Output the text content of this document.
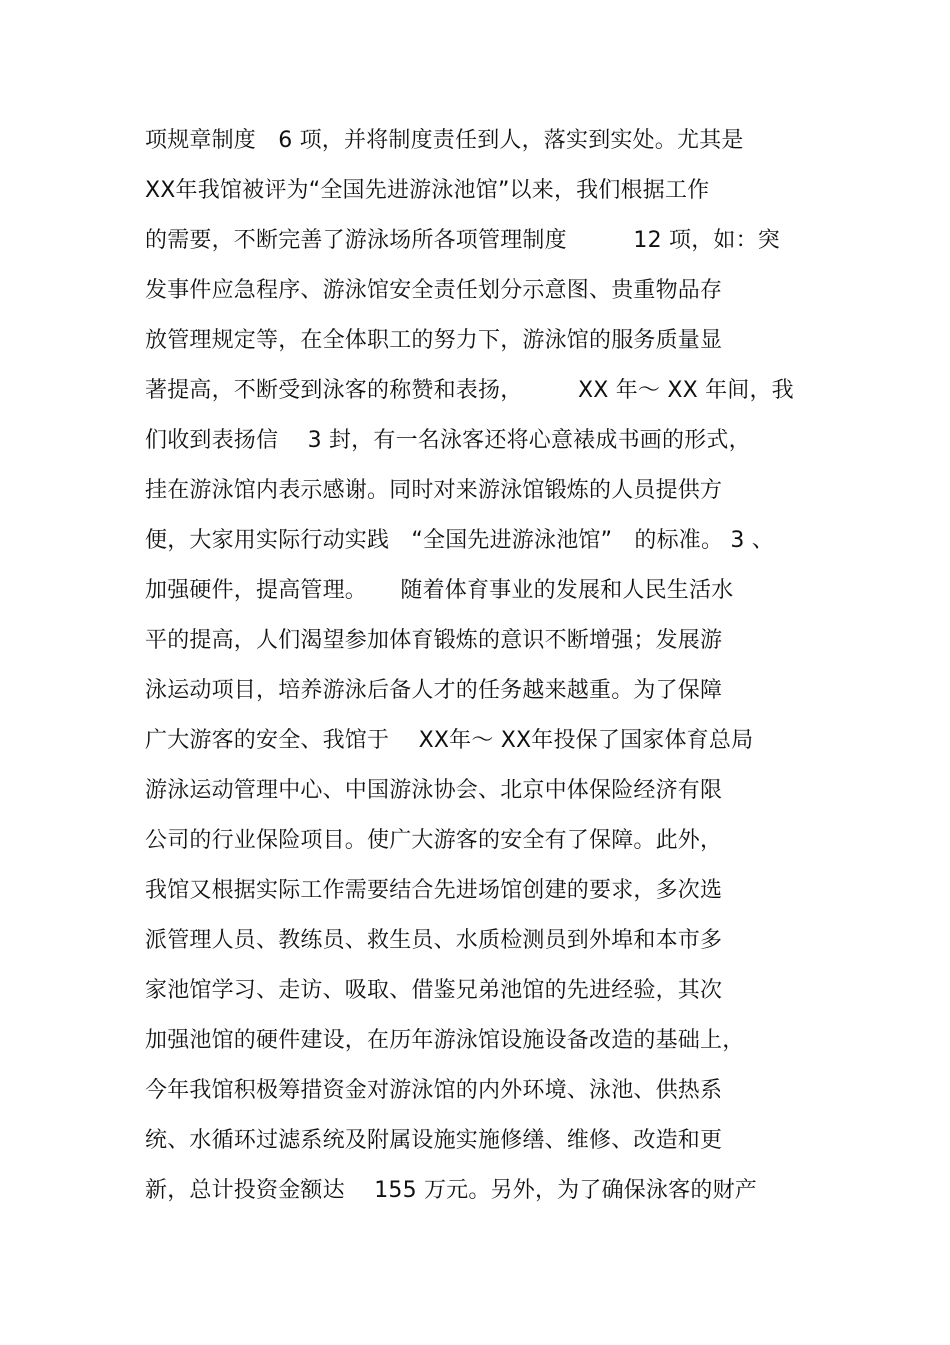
项规章制度　6 项，并将制度责任到人，落实到实处。尤其是
XX年我馆被评为“全国先进游泳池馆”以来，我们根据工作
的需要，不断完善了游泳场所各项管理制度　　　12 项，如：突
发事件应急程序、游泳馆安全责任划分示意图、贵重物品存
放管理规定等，在全体职工的努力下，游泳馆的服务质量显
著提高，不断受到泳客的称赞和表扬，　　　XX 年～ XX 年间，我
们收到表扬信　 3 封，有一名泳客还将心意裱成书画的形式，
挂在游泳馆内表示感谢。同时对来游泳馆锻炼的人员提供方
便，大家用实际行动实践　“全国先进游泳池馆”　的标准。 3 、
加强硬件，提高管理。　　随着体育事业的发展和人民生活水
平的提高，人们渴望参加体育锻炼的意识不断增强；发展游
泳运动项目，培养游泳后备人才的任务越来越重。为了保障
广大游客的安全、我馆于　 XX年～ XX年投保了国家体育总局
游泳运动管理中心、中国游泳协会、北京中体保险经济有限
公司的行业保险项目。使广大游客的安全有了保障。此外，
我馆又根据实际工作需要结合先进场馆创建的要求，多次选
派管理人员、教练员、救生员、水质检测员到外埠和本市多
家池馆学习、走访、吸取、借鉴兄弟池馆的先进经验，其次
加强池馆的硬件建设，在历年游泳馆设施设备改造的基础上，
今年我馆积极筹措资金对游泳馆的内外环境、泳池、供热系
统、水循环过滤系统及附属设施实施修缮、维修、改造和更
新，总计投资金额达　 155 万元。另外，为了确保泳客的财产
